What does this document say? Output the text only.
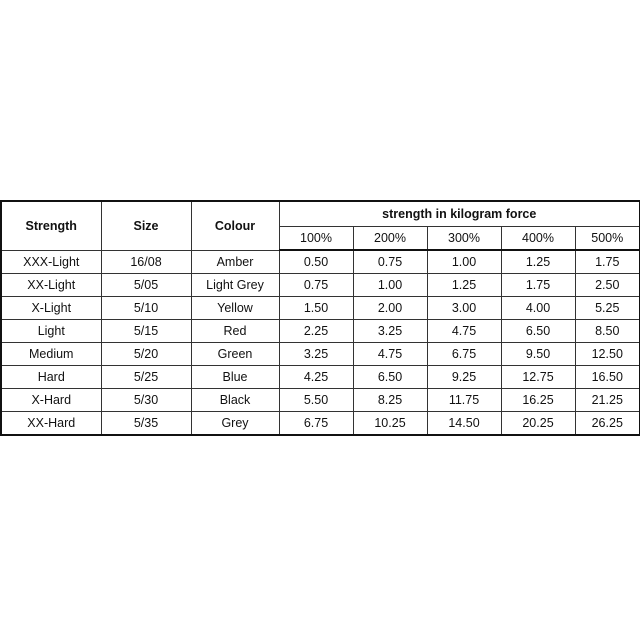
Strength	Size	Colour	strength in kilogram force				
			100%	200%	300%	400%	500%
XXX-Light	16/08	Amber	0.50	0.75	1.00	1.25	1.75
XX-Light	5/05	Light Grey	0.75	1.00	1.25	1.75	2.50
X-Light	5/10	Yellow	1.50	2.00	3.00	4.00	5.25
Light	5/15	Red	2.25	3.25	4.75	6.50	8.50
Medium	5/20	Green	3.25	4.75	6.75	9.50	12.50
Hard	5/25	Blue	4.25	6.50	9.25	12.75	16.50
X-Hard	5/30	Black	5.50	8.25	11.75	16.25	21.25
XX-Hard	5/35	Grey	6.75	10.25	14.50	20.25	26.25
